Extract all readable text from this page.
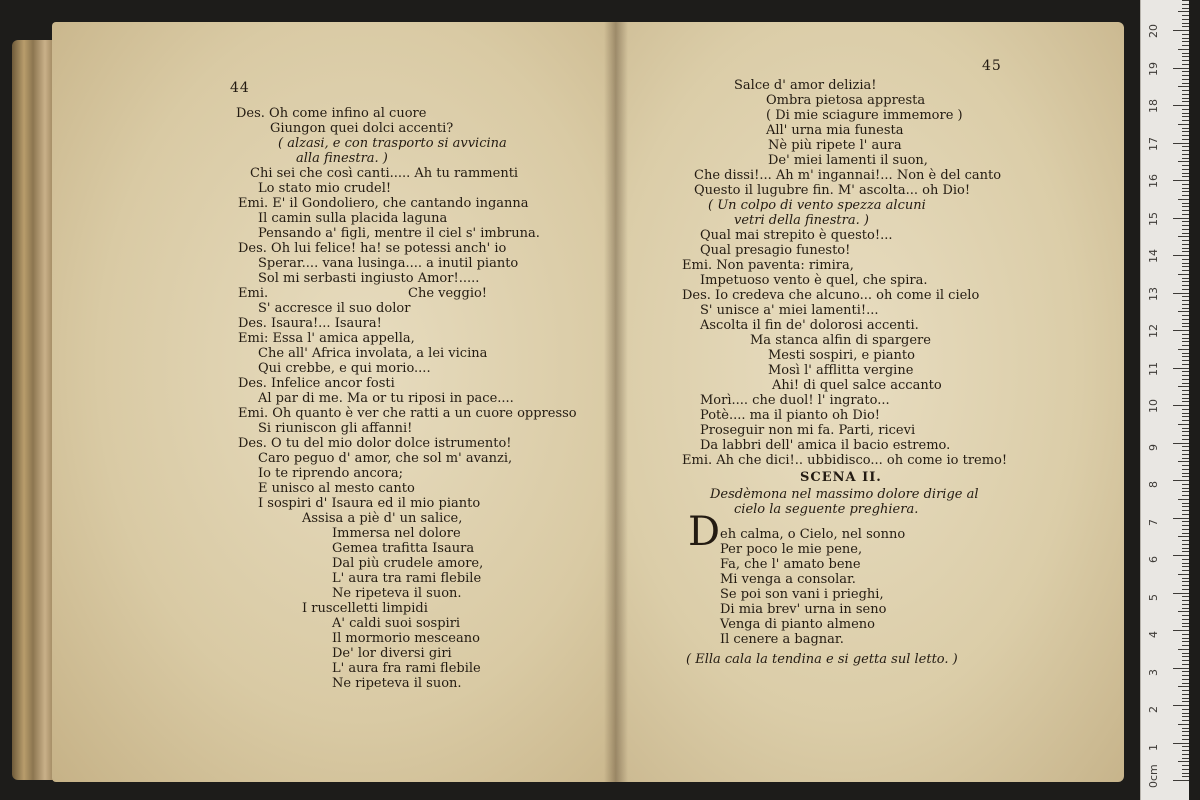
44
Des. Oh come infino al cuore
Giungon quei dolci accenti?
( alzasi, e con trasporto si avvicina
alla finestra. )
Chi sei che così canti..... Ah tu rammenti
Lo stato mio crudel!
Emi. E' il Gondoliero, che cantando inganna
Il camin sulla placida laguna
Pensando a' figli, mentre il ciel s' imbruna.
Des. Oh lui felice! ha! se potessi anch' io
Sperar.... vana lusinga.... a inutil pianto
Sol mi serbasti ingiusto Amor!.....
Emi.	Che veggio!
S' accresce il suo dolor
Des. Isaura!... Isaura!
Emi: Essa l' amica appella,
Che all' Africa involata, a lei vicina
Qui crebbe, e qui morio....
Des. Infelice ancor fosti
Al par di me. Ma or tu riposi in pace....
Emi. Oh quanto è ver che ratti a un cuore oppresso
Si riuniscon gli affanni!
Des. O tu del mio dolor dolce istrumento!
Caro peguo d' amor, che sol m' avanzi,
Io te riprendo ancora;
E unisco al mesto canto
I sospiri d' Isaura ed il mio pianto
Assisa a piè d' un salice,
Immersa nel dolore
Gemea trafitta Isaura
Dal più crudele amore,
L' aura tra rami flebile
Ne ripeteva il suon.
I ruscelletti limpidi
A' caldi suoi sospiri
Il mormorio mesceano
De' lor diversi giri
L' aura fra rami flebile
Ne ripeteva il suon.
45
Salce d' amor delizia!
Ombra pietosa appresta
( Di mie sciagure immemore )
All' urna mia funesta
Nè più ripete l' aura
De' miei lamenti il suon,
Che dissi!... Ah m' ingannai!... Non è del canto
Questo il lugubre fin. M' ascolta... oh Dio!
( Un colpo di vento spezza alcuni
vetri della finestra. )
Qual mai strepito è questo!...
Qual presagio funesto!
Emi. Non paventa: rimira,
Impetuoso vento è quel, che spira.
Des. Io credeva che alcuno... oh come il cielo
S' unisce a' miei lamenti!...
Ascolta il fin de' dolorosi accenti.
Ma stanca alfin di spargere
Mesti sospiri, e pianto
Mosì l' afflitta vergine
Ahi! di quel salce accanto
Morì.... che duol! l' ingrato...
Potè.... ma il pianto oh Dio!
Proseguir non mi fa. Parti, ricevi
Da labbri dell' amica il bacio estremo.
Emi. Ah che dici!.. ubbidisco... oh come io tremo!
SCENA II.
Desdèmona nel massimo dolore dirige al
cielo la seguente preghiera.
D eh calma, o Cielo, nel sonno
Per poco le mie pene,
Fa, che l' amato bene
Mi venga a consolar.
Se poi son vani i prieghi,
Di mia brev' urna in seno
Venga di pianto almeno
Il cenere a bagnar.
( Ella cala la tendina e si getta sul letto. )
0cm
1
2
3
4
5
6
7
8
9
10
11
12
13
14
15
16
17
18
19
20
